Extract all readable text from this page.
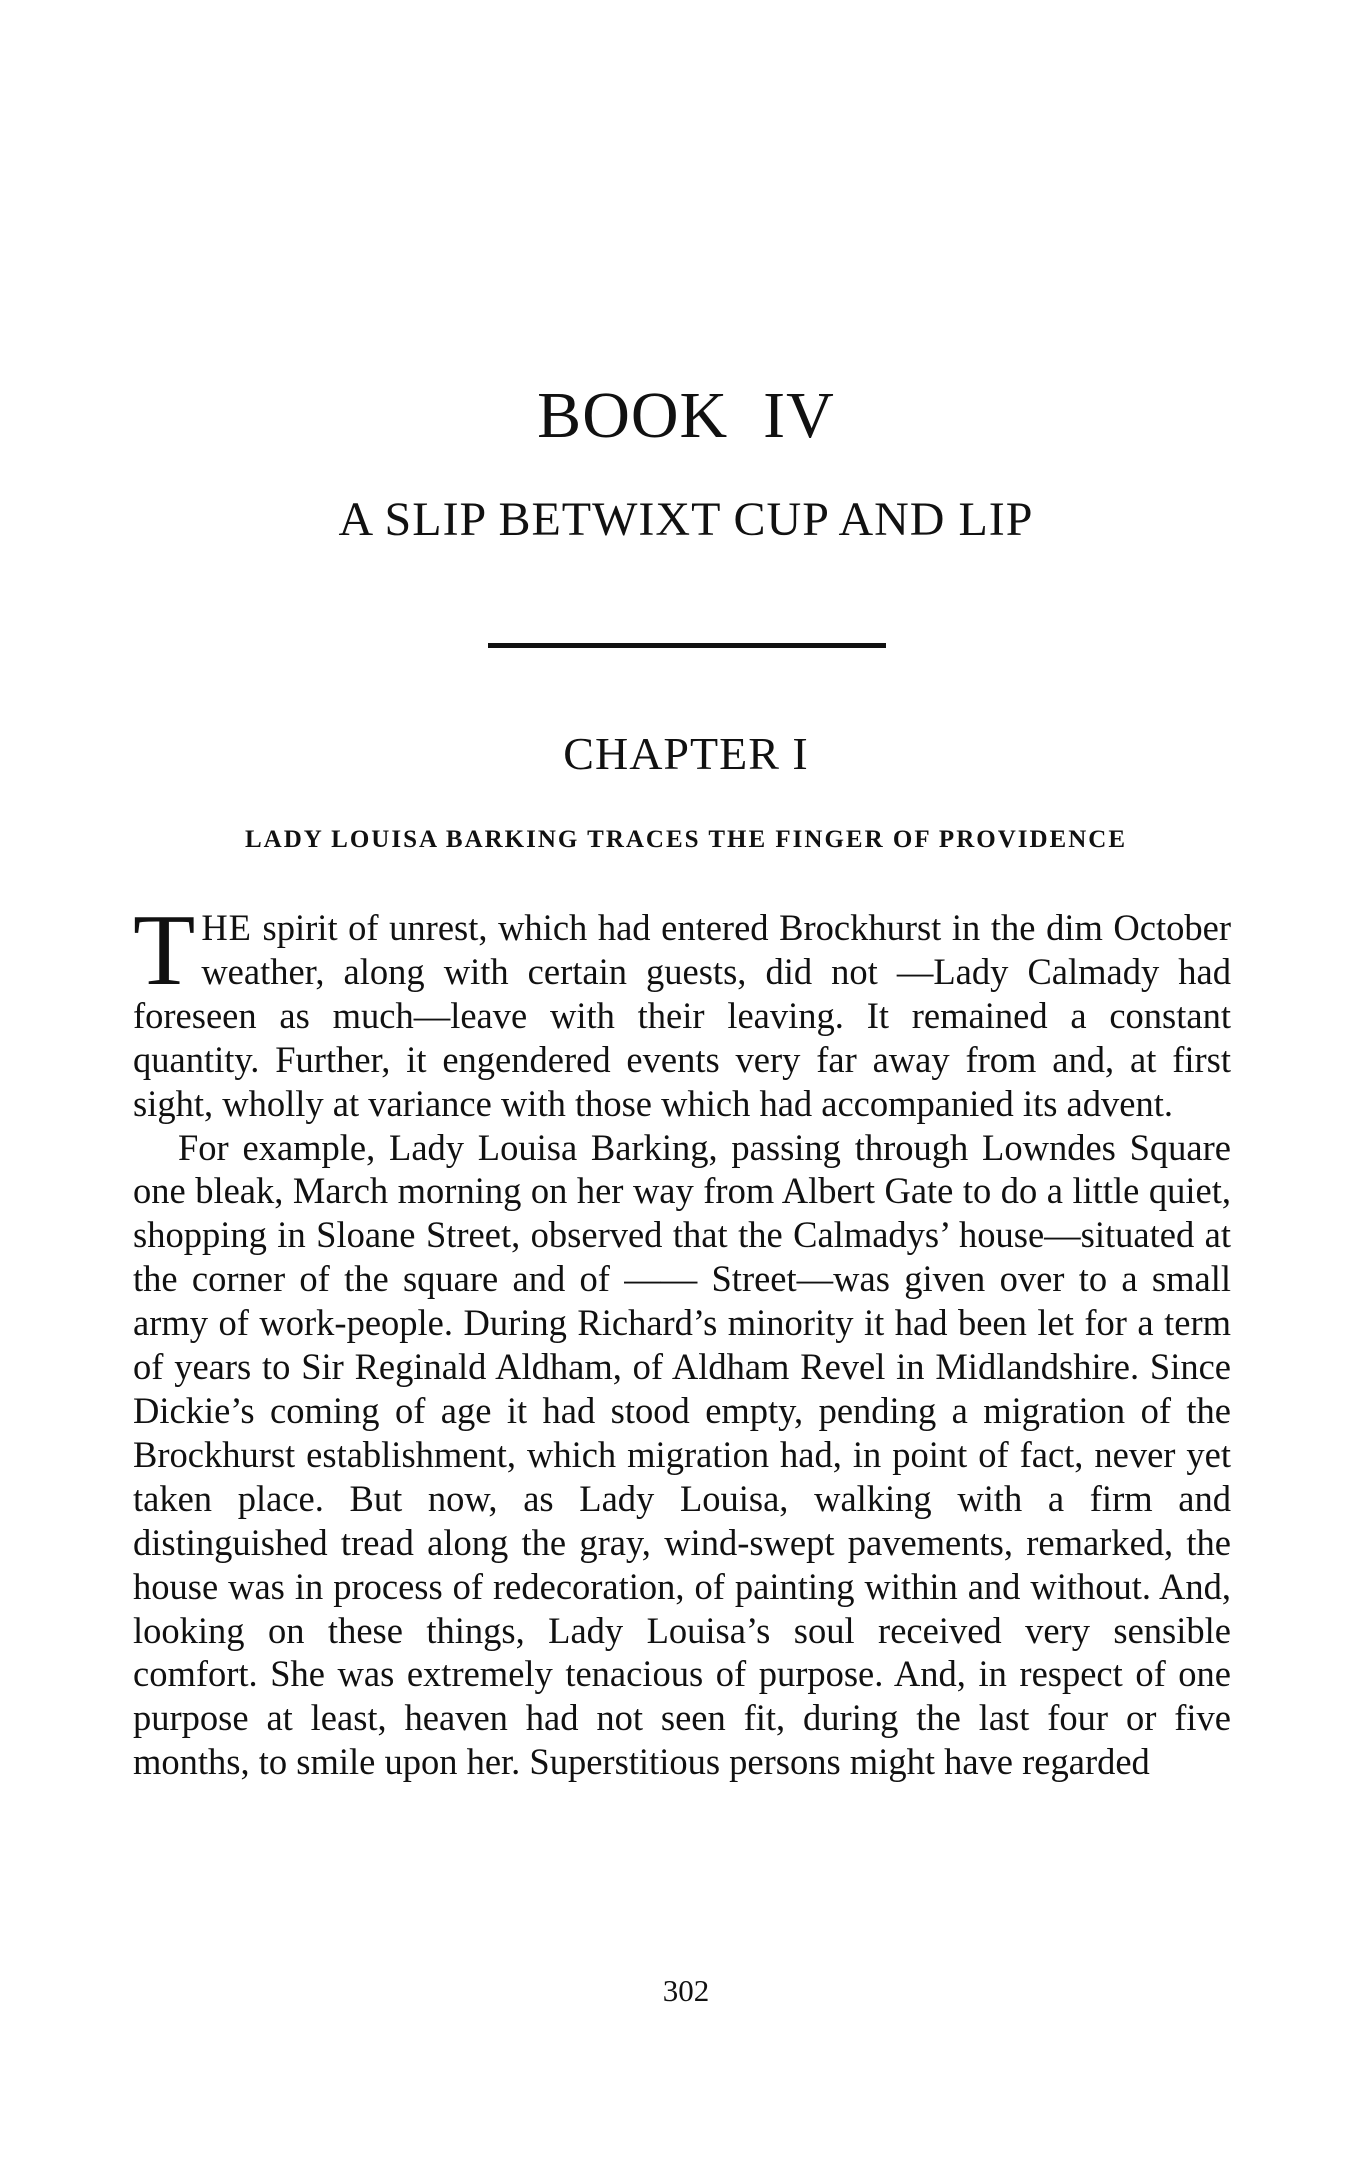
BOOK  IV
A SLIP BETWIXT CUP AND LIP
CHAPTER I
LADY LOUISA BARKING TRACES THE FINGER OF PROVIDENCE

THE spirit of unrest, which had entered Brockhurst in the dim October weather, along with certain guests, did not —Lady Calmady had foreseen as much—leave with their leaving. It remained a constant quantity. Further, it engendered events very far away from and, at first sight, wholly at variance with those which had accompanied its advent.

For example, Lady Louisa Barking, passing through Lowndes Square one bleak, March morning on her way from Albert Gate to do a little quiet, shopping in Sloane Street, observed that the Calmadys’ house—situated at the corner of the square and of —— Street—was given over to a small army of work-people. During Richard’s minority it had been let for a term of years to Sir Reginald Aldham, of Aldham Revel in Midlandshire. Since Dickie’s coming of age it had stood empty, pending a migration of the Brockhurst establishment, which migration had, in point of fact, never yet taken place. But now, as Lady Louisa, walking with a firm and distinguished tread along the gray, wind-swept pavements, remarked, the house was in process of redecoration, of painting within and without. And, looking on these things, Lady Louisa’s soul received very sensible comfort. She was extremely tenacious of purpose. And, in respect of one purpose at least, heaven had not seen fit, during the last four or five months, to smile upon her. Superstitious persons might have regarded

302
